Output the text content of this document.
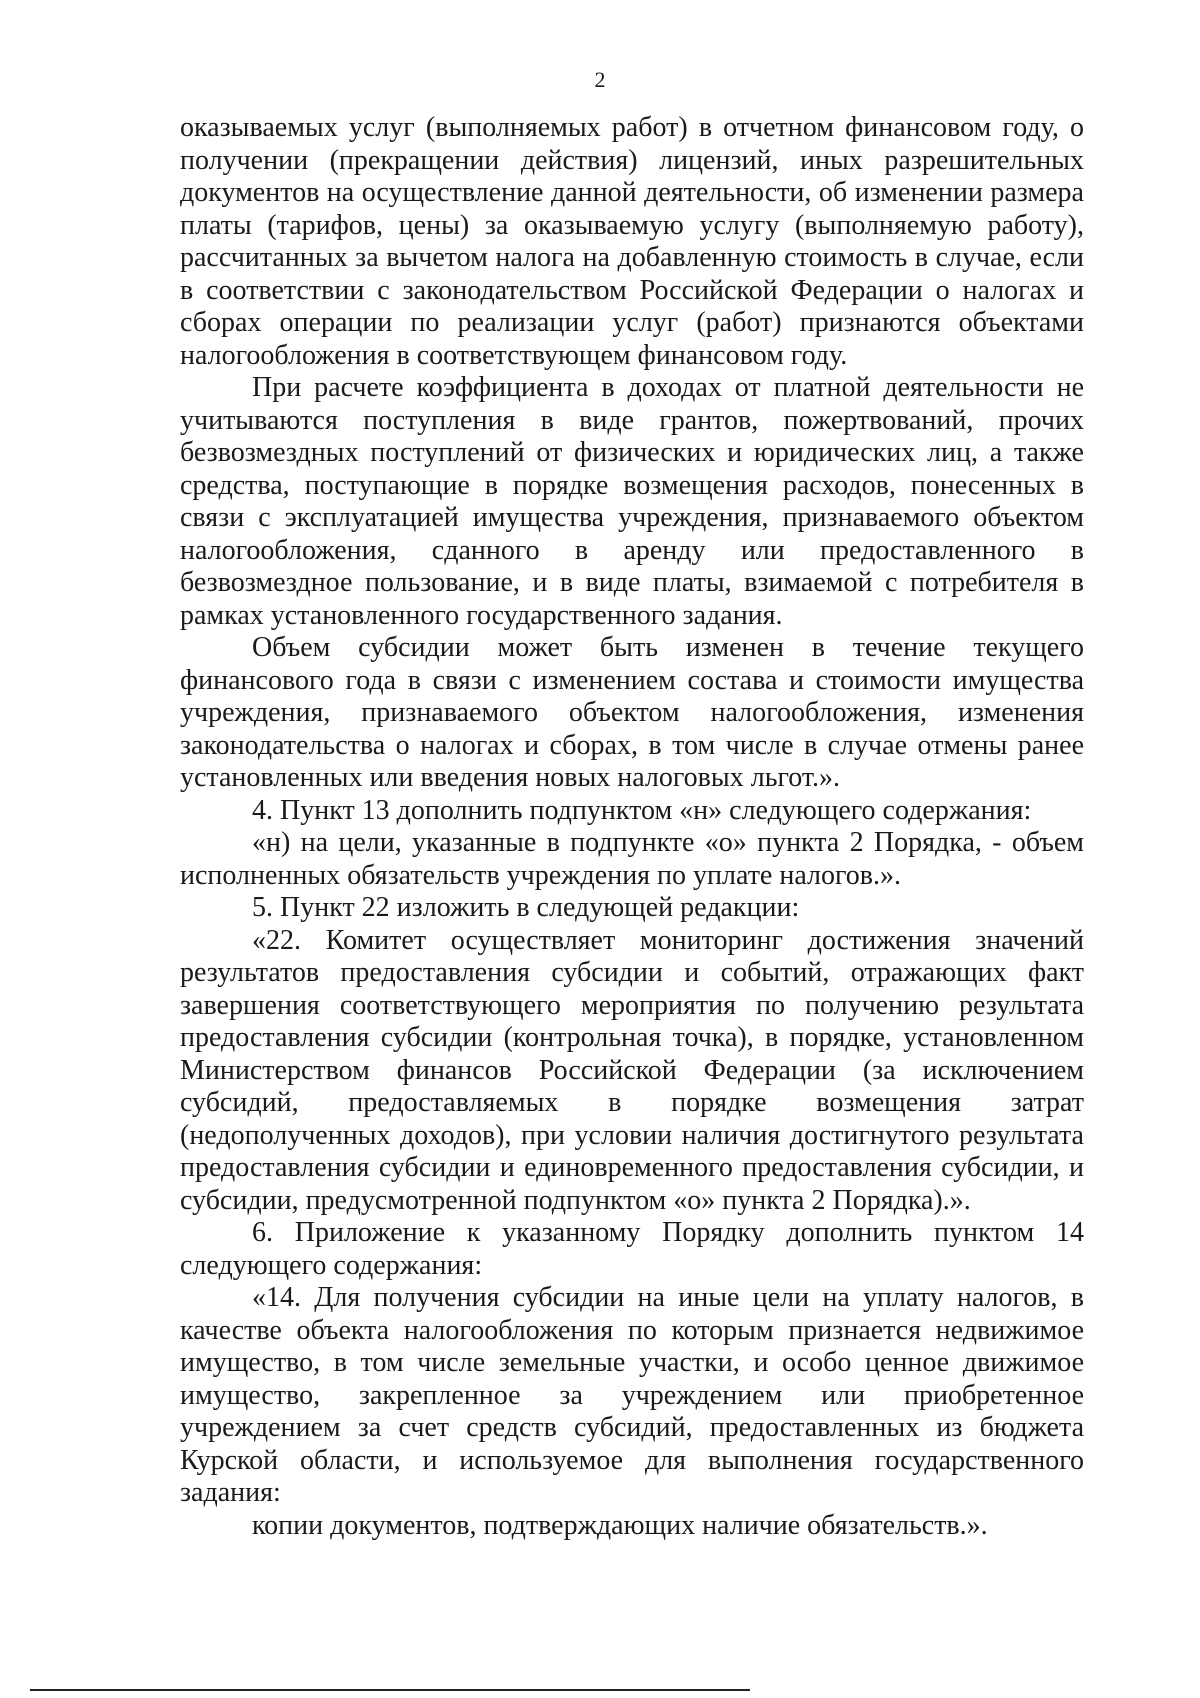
2

оказываемых услуг (выполняемых работ) в отчетном финансовом году, о получении (прекращении действия) лицензий, иных разрешительных документов на осуществление данной деятельности, об изменении размера платы (тарифов, цены) за оказываемую услугу (выполняемую работу), рассчитанных за вычетом налога на добавленную стоимость в случае, если в соответствии с законодательством Российской Федерации о налогах и сборах операции по реализации услуг (работ) признаются объектами налогообложения в соответствующем финансовом году.

При расчете коэффициента в доходах от платной деятельности не учитываются поступления в виде грантов, пожертвований, прочих безвозмездных поступлений от физических и юридических лиц, а также средства, поступающие в порядке возмещения расходов, понесенных в связи с эксплуатацией имущества учреждения, признаваемого объектом налогообложения, сданного в аренду или предоставленного в безвозмездное пользование, и в виде платы, взимаемой с потребителя в рамках установленного государственного задания.

Объем субсидии может быть изменен в течение текущего финансового года в связи с изменением состава и стоимости имущества учреждения, признаваемого объектом налогообложения, изменения законодательства о налогах и сборах, в том числе в случае отмены ранее установленных или введения новых налоговых льгот.».

4. Пункт 13 дополнить подпунктом «н» следующего содержания:

«н) на цели, указанные в подпункте «о» пункта 2 Порядка, - объем исполненных обязательств учреждения по уплате налогов.».

5. Пункт 22 изложить в следующей редакции:

«22. Комитет осуществляет мониторинг достижения значений результатов предоставления субсидии и событий, отражающих факт завершения соответствующего мероприятия по получению результата предоставления субсидии (контрольная точка), в порядке, установленном Министерством финансов Российской Федерации (за исключением субсидий, предоставляемых в порядке возмещения затрат (недополученных доходов), при условии наличия достигнутого результата предоставления субсидии и единовременного предоставления субсидии, и субсидии, предусмотренной подпунктом «о» пункта 2 Порядка).».

6. Приложение к указанному Порядку дополнить пунктом 14 следующего содержания:

«14. Для получения субсидии на иные цели на уплату налогов, в качестве объекта налогообложения по которым признается недвижимое имущество, в том числе земельные участки, и особо ценное движимое имущество, закрепленное за учреждением или приобретенное учреждением за счет средств субсидий, предоставленных из бюджета Курской области, и используемое для выполнения государственного задания:

копии документов, подтверждающих наличие обязательств.».
